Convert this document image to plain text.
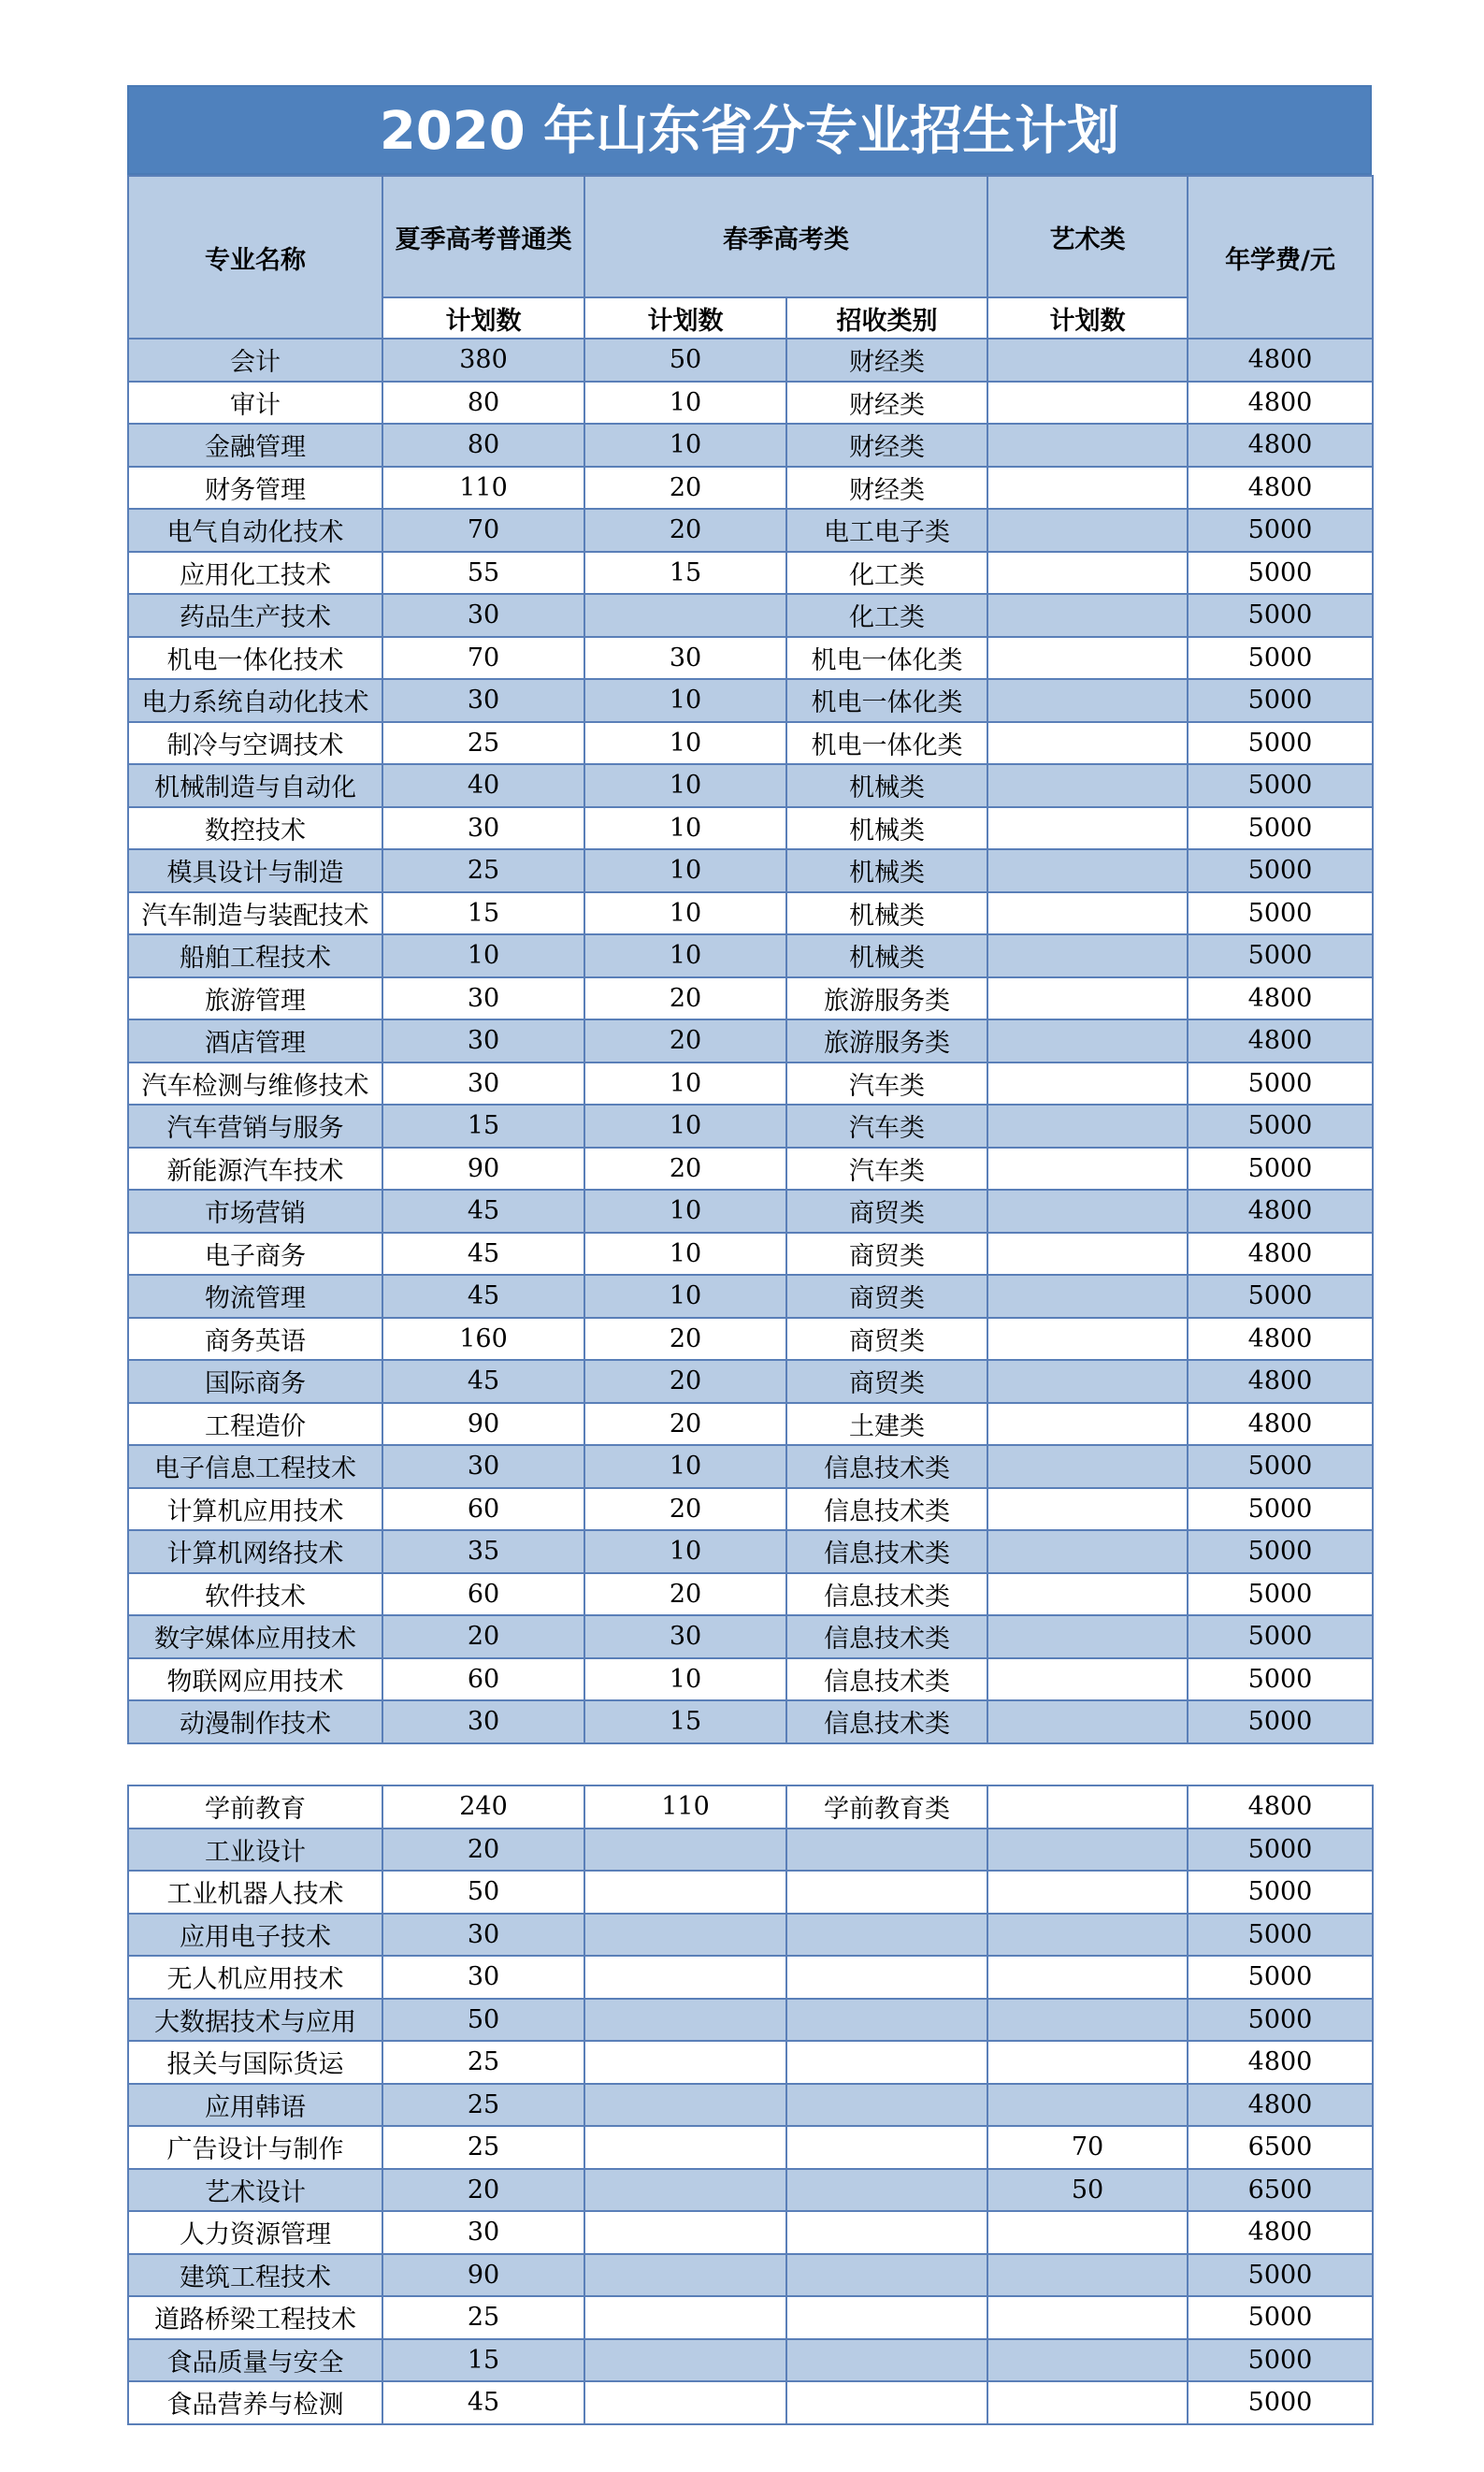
2020 年山东省分专业招生计划
专业名称	夏季高考普通类	春季高考类		艺术类	年学费/元
	计划数	计划数	招收类别	计划数	
会计	380	50	财经类		4800
审计	80	10	财经类		4800
金融管理	80	10	财经类		4800
财务管理	110	20	财经类		4800
电气自动化技术	70	20	电工电子类		5000
应用化工技术	55	15	化工类		5000
药品生产技术	30		化工类		5000
机电一体化技术	70	30	机电一体化类		5000
电力系统自动化技术	30	10	机电一体化类		5000
制冷与空调技术	25	10	机电一体化类		5000
机械制造与自动化	40	10	机械类		5000
数控技术	30	10	机械类		5000
模具设计与制造	25	10	机械类		5000
汽车制造与装配技术	15	10	机械类		5000
船舶工程技术	10	10	机械类		5000
旅游管理	30	20	旅游服务类		4800
酒店管理	30	20	旅游服务类		4800
汽车检测与维修技术	30	10	汽车类		5000
汽车营销与服务	15	10	汽车类		5000
新能源汽车技术	90	20	汽车类		5000
市场营销	45	10	商贸类		4800
电子商务	45	10	商贸类		4800
物流管理	45	10	商贸类		5000
商务英语	160	20	商贸类		4800
国际商务	45	20	商贸类		4800
工程造价	90	20	土建类		4800
电子信息工程技术	30	10	信息技术类		5000
计算机应用技术	60	20	信息技术类		5000
计算机网络技术	35	10	信息技术类		5000
软件技术	60	20	信息技术类		5000
数字媒体应用技术	20	30	信息技术类		5000
物联网应用技术	60	10	信息技术类		5000
动漫制作技术	30	15	信息技术类		5000

学前教育	240	110	学前教育类		4800
工业设计	20				5000
工业机器人技术	50				5000
应用电子技术	30				5000
无人机应用技术	30				5000
大数据技术与应用	50				5000
报关与国际货运	25				4800
应用韩语	25				4800
广告设计与制作	25			70	6500
艺术设计	20			50	6500
人力资源管理	30				4800
建筑工程技术	90				5000
道路桥梁工程技术	25				5000
食品质量与安全	15				5000
食品营养与检测	45				5000
